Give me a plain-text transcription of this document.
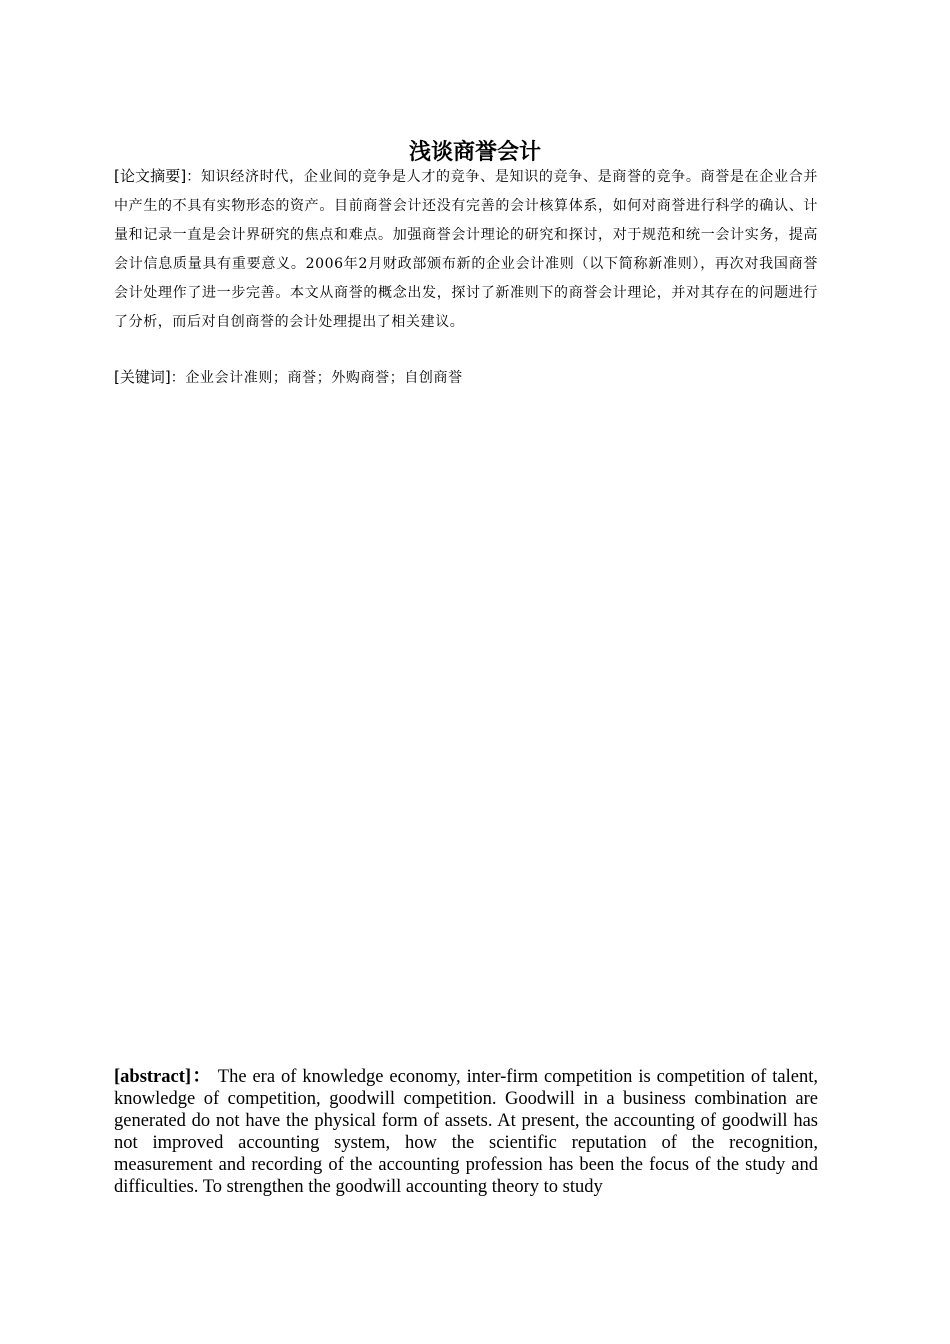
浅谈商誉会计
[论文摘要]：知识经济时代，企业间的竞争是人才的竞争、是知识的竞争、是商誉的竞争。商誉是在企业合并中产生的不具有实物形态的资产。目前商誉会计还没有完善的会计核算体系，如何对商誉进行科学的确认、计量和记录一直是会计界研究的焦点和难点。加强商誉会计理论的研究和探讨，对于规范和统一会计实务，提高会计信息质量具有重要意义。2006年2月财政部颁布新的企业会计准则（以下简称新准则），再次对我国商誉会计处理作了进一步完善。本文从商誉的概念出发，探讨了新准则下的商誉会计理论，并对其存在的问题进行了分析，而后对自创商誉的会计处理提出了相关建议。
[关键词]：企业会计准则；商誉；外购商誉；自创商誉
[abstract]： The era of knowledge economy, inter-firm competition is competition of talent, knowledge of competition, goodwill competition. Goodwill in a business combination are generated do not have the physical form of assets. At present, the accounting of goodwill has not improved accounting system, how the scientific reputation of the recognition, measurement and recording of the accounting profession has been the focus of the study and difficulties. To strengthen the goodwill accounting theory to study
